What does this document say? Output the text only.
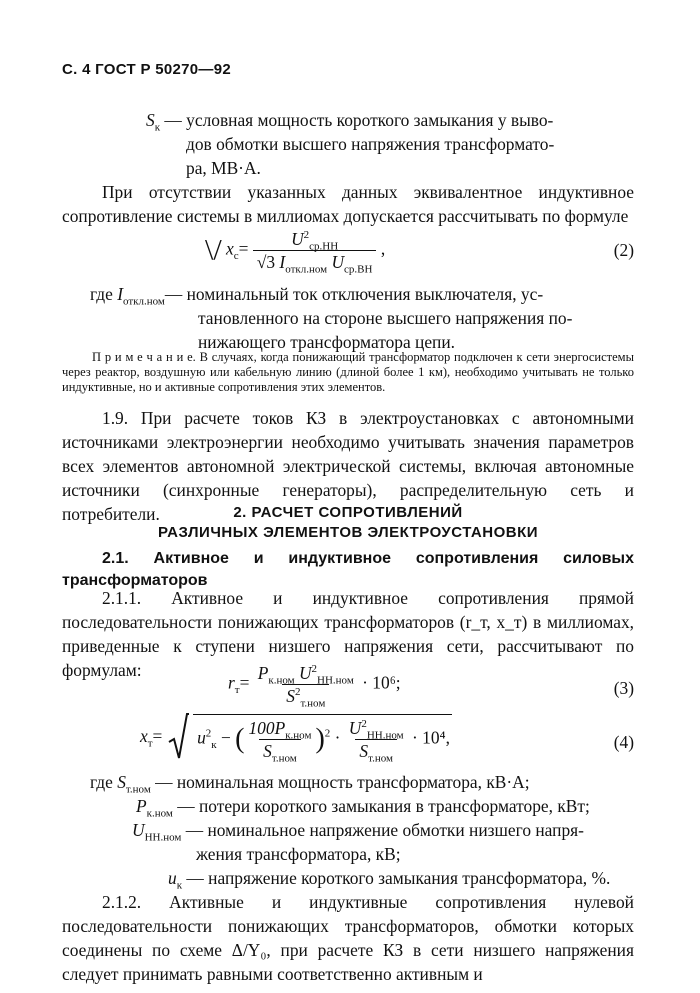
С. 4 ГОСТ Р 50270—92
$S_к$ — условная мощность короткого замыкания у выво-
дов обмотки высшего напряжения трансформато-
ра, МВ·А.
При отсутствии указанных данных эквивалентное индуктивное сопротивление системы в миллиомах допускается рассчитывать по формуле
\/ $x_с= \frac{U^2_{ср.НН}}{√3 I_{откл.ном} U_{ср.ВН}}$ ,	(2)
где $I_{откл.ном}—$ номинальный ток отключения выключателя, ус-
тановленного на стороне высшего напряжения по-
нижающего трансформатора цепи.
П р и м е ч а н и е. В случаях, когда понижающий трансформатор подключен к сети энергосистемы через реактор, воздушную или кабельную линию (длиной более 1 км), необходимо учитывать не только индуктивные, но и активные сопротивления этих элементов.
1.9. При расчете токов КЗ в электроустановках с автономными источниками электроэнергии необходимо учитывать значения параметров всех элементов автономной электрической системы, включая автономные источники (синхронные генераторы), распределительную сеть и потребители.	2. РАСЧЕТ СОПРОТИВЛЕНИЙ
РАЗЛИЧНЫХ ЭЛЕМЕНТОВ ЭЛЕКТРОУСТАНОВКИ
2.1. Активное и индуктивное сопротивления силовых трансформаторов
2.1.1. Активное и индуктивное сопротивления прямой последовательности понижающих трансформаторов (r_т, x_т) в миллиомах, приведенные к ступени низшего напряжения сети, рассчитывают по формулам:
$r_т= \frac{P_{к.ном} U^2_{НН.ном}}{S^2_{т.ном}} \cdot 10^6$;	(3)
$x_т= u^2_к$ − ( $\frac{100P_{к.ном}}{S_{т.ном}} )^2 \cdot \frac{U^2_{НН.ном}}{S_{т.ном}} \cdot 10^4$,	(4)
где $S_{т.ном}$ — номинальная мощность трансформатора, кВ·А;
$P_{к.ном}$ — потери короткого замыкания в трансформаторе, кВт;
$U_{НН.ном}$ — номинальное напряжение обмотки низшего напря-
жения трансформатора, кВ;
$u_к$ — напряжение короткого замыкания трансформатора, %.
2.1.2. Активные и индуктивные сопротивления нулевой последовательности понижающих трансформаторов, обмотки которых соединены по схеме Δ/Y₀, при расчете КЗ в сети низшего напряжения следует принимать равными соответственно активным и
